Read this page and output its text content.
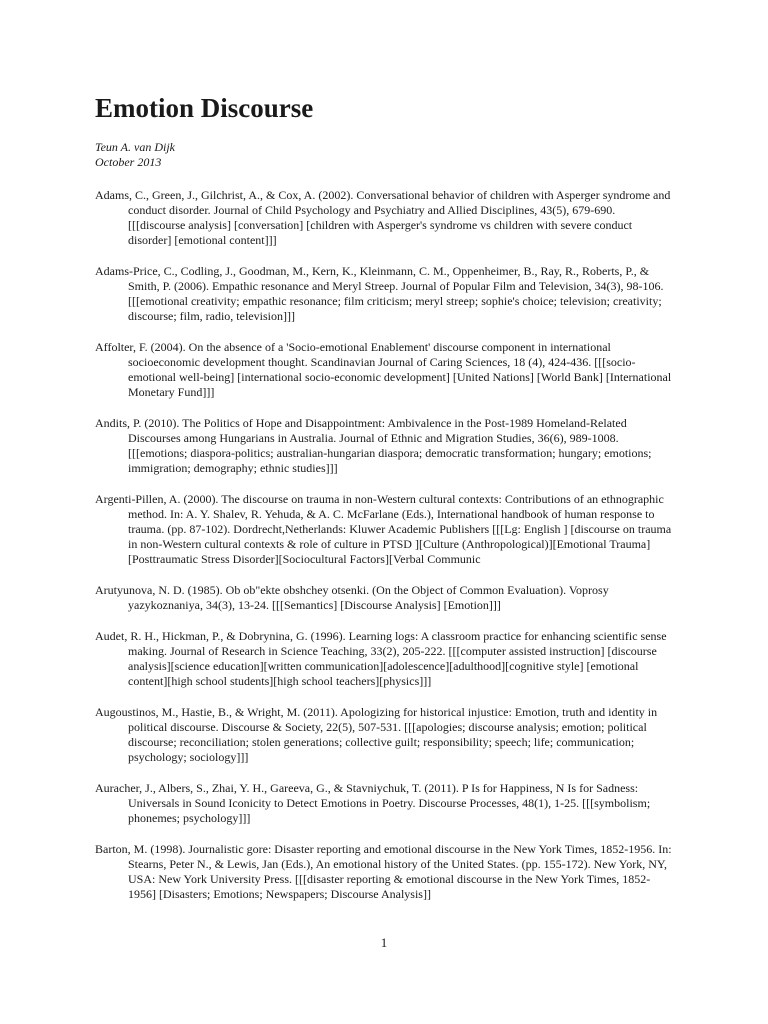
Emotion Discourse
Teun A. van Dijk
October 2013

Adams, C., Green, J., Gilchrist, A., & Cox, A. (2002). Conversational behavior of children with Asperger syndrome and conduct disorder. Journal of Child Psychology and Psychiatry and Allied Disciplines, 43(5), 679-690. [[[discourse analysis] [conversation] [children with Asperger's syndrome vs children with severe conduct disorder] [emotional content]]]

Adams-Price, C., Codling, J., Goodman, M., Kern, K., Kleinmann, C. M., Oppenheimer, B., Ray, R., Roberts, P., & Smith, P. (2006). Empathic resonance and Meryl Streep. Journal of Popular Film and Television, 34(3), 98-106. [[[emotional creativity; empathic resonance; film criticism; meryl streep; sophie's choice; television; creativity; discourse; film, radio, television]]]

Affolter, F. (2004). On the absence of a 'Socio-emotional Enablement' discourse component in international socioeconomic development thought. Scandinavian Journal of Caring Sciences, 18 (4), 424-436. [[[socio-emotional well-being] [international socio-economic development] [United Nations] [World Bank] [International Monetary Fund]]]

Andits, P. (2010). The Politics of Hope and Disappointment: Ambivalence in the Post-1989 Homeland-Related Discourses among Hungarians in Australia. Journal of Ethnic and Migration Studies, 36(6), 989-1008. [[[emotions; diaspora-politics; australian-hungarian diaspora; democratic transformation; hungary; emotions; immigration; demography; ethnic studies]]]

Argenti-Pillen, A. (2000). The discourse on trauma in non-Western cultural contexts: Contributions of an ethnographic method. In: A. Y. Shalev, R. Yehuda, & A. C. McFarlane (Eds.), International handbook of human response to trauma. (pp. 87-102). Dordrecht,Netherlands: Kluwer Academic Publishers [[[Lg: English ] [discourse on trauma in non-Western cultural contexts & role of culture in PTSD ][Culture (Anthropological)][Emotional Trauma][Posttraumatic Stress Disorder][Sociocultural Factors][Verbal Communic

Arutyunova, N. D. (1985). Ob ob"ekte obshchey otsenki. (On the Object of Common Evaluation). Voprosy yazykoznaniya, 34(3), 13-24. [[[Semantics] [Discourse Analysis] [Emotion]]]

Audet, R. H., Hickman, P., & Dobrynina, G. (1996). Learning logs: A classroom practice for enhancing scientific sense making. Journal of Research in Science Teaching, 33(2), 205-222. [[[computer assisted instruction] [discourse analysis][science education][written communication][adolescence][adulthood][cognitive style] [emotional content][high school students][high school teachers][physics]]]

Augoustinos, M., Hastie, B., & Wright, M. (2011). Apologizing for historical injustice: Emotion, truth and identity in political discourse. Discourse & Society, 22(5), 507-531. [[[apologies; discourse analysis; emotion; political discourse; reconciliation; stolen generations; collective guilt; responsibility; speech; life; communication; psychology; sociology]]]

Auracher, J., Albers, S., Zhai, Y. H., Gareeva, G., & Stavniychuk, T. (2011). P Is for Happiness, N Is for Sadness: Universals in Sound Iconicity to Detect Emotions in Poetry. Discourse Processes, 48(1), 1-25. [[[symbolism; phonemes; psychology]]]

Barton, M. (1998). Journalistic gore: Disaster reporting and emotional discourse in the New York Times, 1852-1956. In: Stearns, Peter N., & Lewis, Jan (Eds.), An emotional history of the United States. (pp. 155-172). New York, NY, USA: New York University Press. [[[disaster reporting & emotional discourse in the New York Times, 1852-1956] [Disasters; Emotions; Newspapers; Discourse Analysis]]

1
